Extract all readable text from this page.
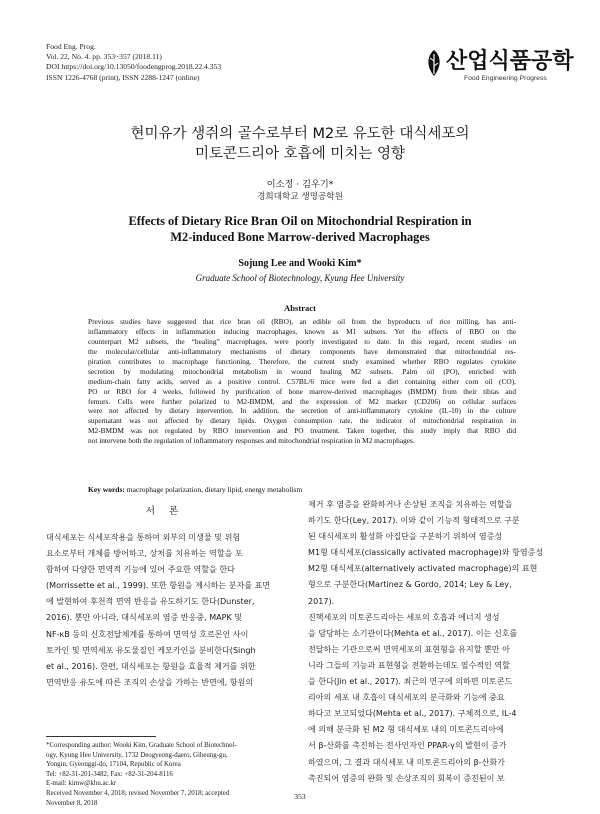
Food Eng. Prog.
Vol. 22, No. 4. pp. 353~357 (2018.11)
DOI https://doi.org/10.13050/foodengprog.2018.22.4.353
ISSN 1226-4768 (print), ISSN 2288-1247 (online)
산업식품공학
Food Engineering Progress
현미유가 생쥐의 골수로부터 M2로 유도한 대식세포의
미토콘드리아 호흡에 미치는 영향
이소정 · 김우기*
경희대학교 생명공학원
Effects of Dietary Rice Bran Oil on Mitochondrial Respiration in
M2-induced Bone Marrow-derived Macrophages
Sojung Lee and Wooki Kim*
Graduate School of Biotechnology, Kyung Hee University
Abstract
Previous studies have suggested that rice bran oil (RBO), an edible oil from the byproducts of rice milling, has anti-
inflammatory effects in inflammation inducing macrophages, known as M1 subsets. Yet the effects of RBO on the
counterpart M2 subsets, the “healing” macrophages, were poorly investigated to date. In this regard, recent studies on
the molecular/cellular anti-inflammatory mechanisms of dietary components have demonstrated that mitochondrial res-
piration contributes to macrophage functioning. Therefore, the current study examined whether RBO regulates cytokine
secretion by modulating mitochondrial metabolism in wound healing M2 subsets. Palm oil (PO), enriched with
medium-chain fatty acids, served as a positive control. C57BL/6 mice were fed a diet containing either corn oil (CO),
PO or RBO for 4 weeks, followed by purification of bone marrow-derived macrophages (BMDM) from their tibias and
femurs. Cells were further polarized to M2-BMDM, and the expression of M2 marker (CD206) on cellular surfaces
were not affected by dietary intervention. In addition, the secretion of anti-inflammatory cytokine (IL-10) in the culture
supernatant was not affected by dietary lipids. Oxygen consumption rate, the indicator of mitochondrial respiration in
M2-BMDM was not regulated by RBO intervention and PO treatment. Taken together, this study imply that RBO did
not intervene both the regulation of inflammatory responses and mitochondrial respiration in M2 macrophages.
Key words: macrophage polarization, dietary lipid, energy metabolism
서론
대식세포는 식세포작용을 통하여 외부의 미생물 및 위험
요소로부터 개체를 방어하고, 상처를 치유하는 역할을 포
함하여 다양한 면역적 기능에 있어 주요한 역할을 한다
(Morrissette et al., 1999). 또한 항원을 제시하는 분자를 표면
에 발현하여 후천적 면역 반응을 유도하기도 한다(Dunster,
2016). 뿐만 아니라, 대식세포의 염증 반응중, MAPK 및
NF-κB 등의 신호전달체계를 통하여 면역성 호르몬인 사이
토카인 및 면역세포 유도물질인 케모카인을 분비한다(Singh
et al., 2016). 한편, 대식세포는 항원을 효율적 제거를 위한
면역반응 유도에 따른 조직의 손상을 가하는 반면에, 항원의
제거 후 염증을 완화하거나 손상된 조직을 치유하는 역할을
하기도 한다(Ley, 2017). 이와 같이 기능적 형태적으로 구분
된 대식세포의 활성화 아집단을 구분하기 위하여 염증성
M1형 대식세포(classically activated macrophage)와 항염증성
M2형 대식세포(alternatively activated macrophage)의 표현
형으로 구분한다(Martinez & Gordo, 2014; Ley & Ley,
2017).
진핵세포의 미토콘드리아는 세포의 호흡과 에너지 생성
을 담당하는 소기관이다(Mehta et al., 2017). 이는 신호를
전달하는 기관으로써 면역세포의 표현형을 유지할 뿐만 아
니라 그들의 기능과 표현형을 전환하는데도 필수적인 역할
을 한다(Jin et al., 2017). 최근의 연구에 의하면 미토콘드
리아의 세포 내 호흡이 대식세포의 분극화와 기능에 중요
하다고 보고되었다(Mehta et al., 2017). 구체적으로, IL-4
에 의해 분극화 된 M2 형 대식세포 내의 미토콘드리아에
서 β-산화를 촉진하는 전사인자인 PPAR-γ의 발현이 증가
하였으며, 그 결과 대식세포 내 미토콘드리아의 β-산화가
촉진되어 염증의 완화 및 손상조직의 회복이 증진된이 보
*Corresponding author: Wooki Kim, Graduate School of Biotechnol-
ogy, Kyung Hee University, 1732 Deogyeong-daero, Giheung-gu,
Yongin, Gyeonggi-do, 17104, Republic of Korea
Tel: +82-31-201-3482, Fax: +82-31-204-8116
E-mail: kimw@khu.ac.kr
Received November 4, 2018; revised November 7, 2018; accepted
November 8, 2018
353
